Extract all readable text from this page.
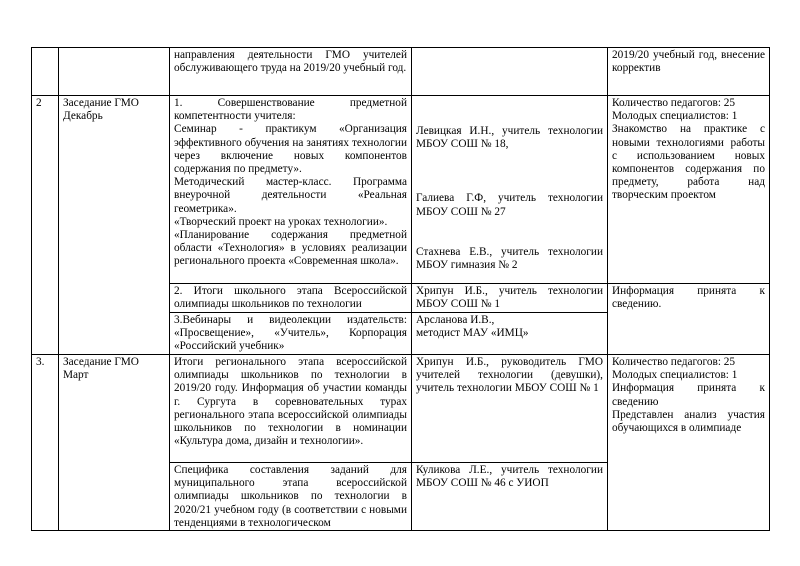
направления деятельности ГМО учителей обслуживающего труда на 2019/20 учебный год.
2019/20 учебный год, внесение корректив
2	Заседание ГМО
Декабрь
1. Совершенствование предметной компетентности учителя:
Семинар - практикум «Организация эффективного обучения на занятиях технологии через включение новых компонентов содержания по предмету».
Методический мастер-класс. Программа внеурочной деятельности «Реальная геометрика».
«Творческий проект на уроках технологии».
«Планирование содержания предметной области «Технология» в условиях реализации регионального проекта «Современная школа».
Левицкая И.Н., учитель технологии МБОУ СОШ № 18,
Галиева Г.Ф, учитель технологии МБОУ СОШ № 27
Стахнева Е.В., учитель технологии МБОУ гимназия № 2
Количество педагогов: 25
Молодых специалистов: 1
Знакомство на практике с новыми технологиями работы с использованием новых компонентов содержания по предмету, работа над творческим проектом
2. Итоги школьного этапа Всероссийской олимпиады школьников по технологии
Хрипун И.Б., учитель технологии МБОУ СОШ № 1
3.Вебинары и видеолекции издательств: «Просвещение», «Учитель», Корпорация «Российский учебник»
Арсланова И.В.,
методист МАУ «ИМЦ»
Информация принята к сведению.
3.	Заседание ГМО
Март
Итоги регионального этапа всероссийской олимпиады школьников по технологии в 2019/20 году. Информация об участии команды г. Сургута в соревновательных турах регионального этапа всероссийской олимпиады школьников по технологии в номинации «Культура дома, дизайн и технологии».
Хрипун И.Б., руководитель ГМО учителей технологии (девушки), учитель технологии МБОУ СОШ № 1
Специфика составления заданий для муниципального этапа всероссийской олимпиады школьников по технологии в 2020/21 учебном году (в соответствии с новыми тенденциями в технологическом
Куликова Л.Е., учитель технологии МБОУ СОШ № 46 с УИОП
Количество педагогов: 25
Молодых специалистов: 1
Информация принята к сведению
Представлен анализ участия обучающихся в олимпиаде
